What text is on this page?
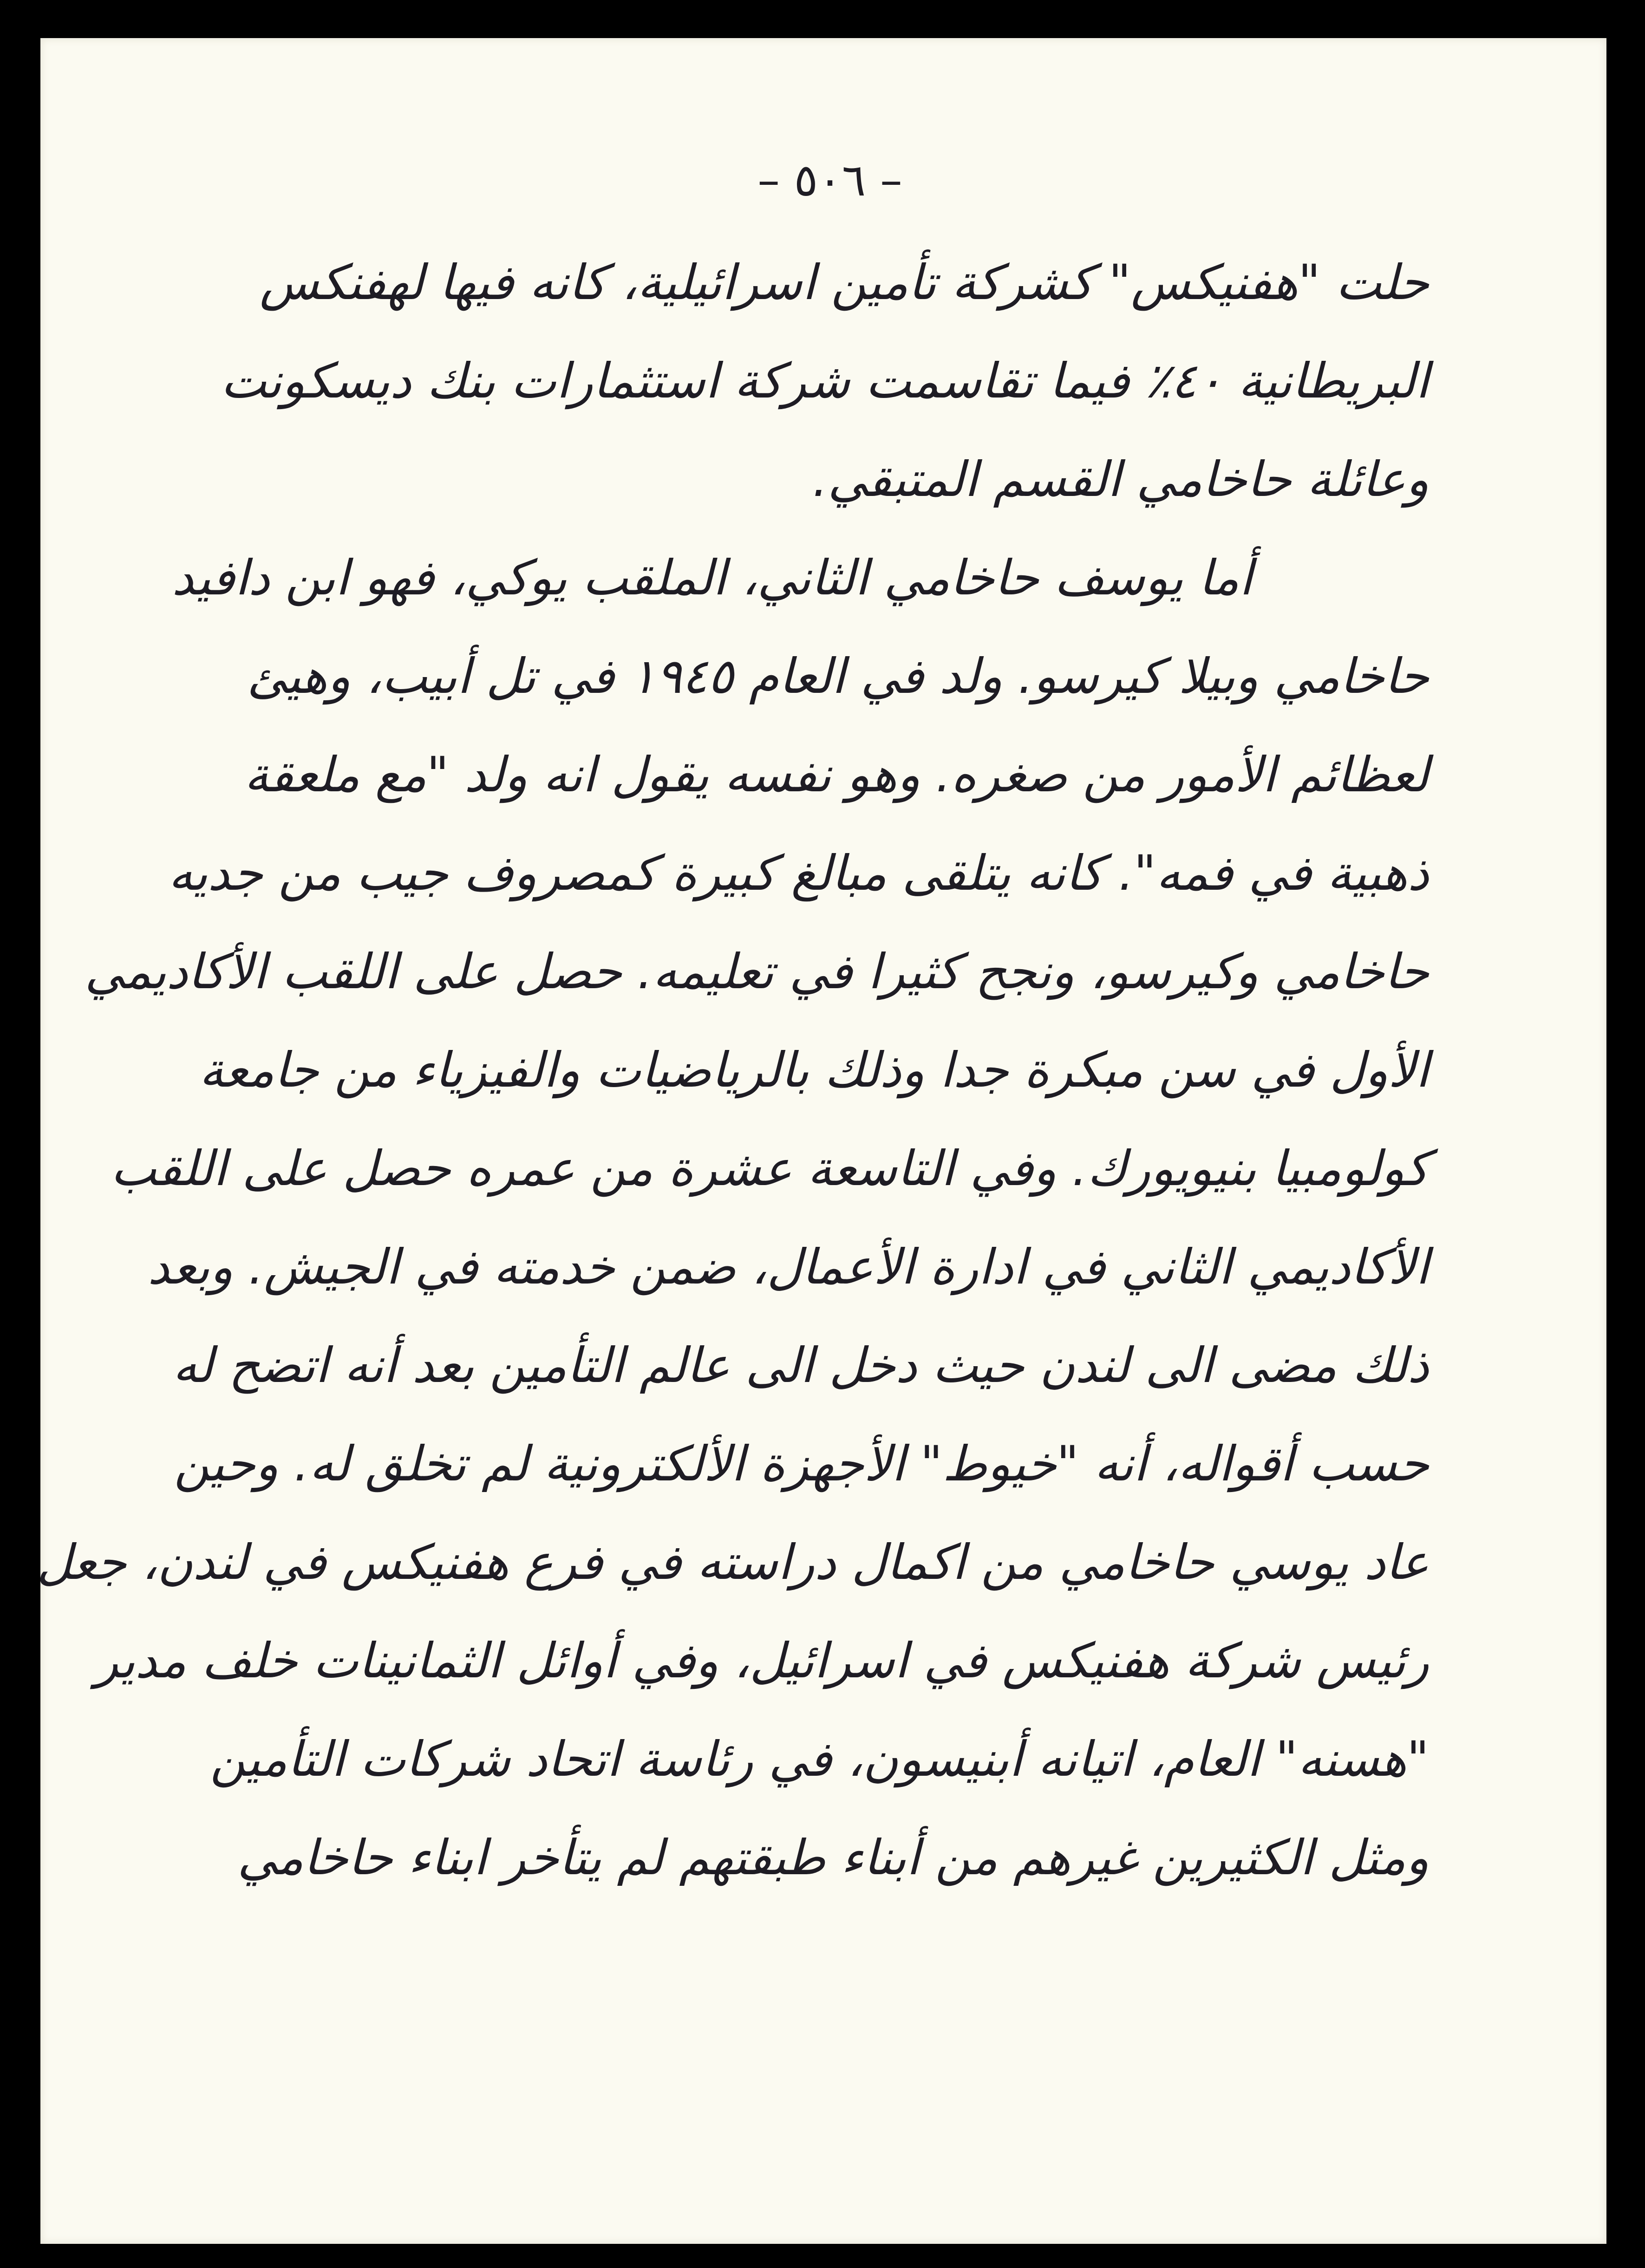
– ٥٠٦ –
حلت "هفنيكس" كشركة تأمين اسرائيلية، كانه فيها لهفنكس
البريطانية ٤٠٪ فيما تقاسمت شركة استثمارات بنك ديسكونت
وعائلة حاخامي القسم المتبقي.
أما يوسف حاخامي الثاني، الملقب يوكي، فهو ابن دافيد
حاخامي وبيلا كيرسو. ولد في العام ١٩٤٥ في تل أبيب، وهيئ
لعظائم الأمور من صغره. وهو نفسه يقول انه ولد "مع ملعقة
ذهبية في فمه". كانه يتلقى مبالغ كبيرة كمصروف جيب من جديه
حاخامي وكيرسو، ونجح كثيرا في تعليمه. حصل على اللقب الأكاديمي
الأول في سن مبكرة جدا وذلك بالرياضيات والفيزياء من جامعة
كولومبيا بنيويورك. وفي التاسعة عشرة من عمره حصل على اللقب
الأكاديمي الثاني في ادارة الأعمال، ضمن خدمته في الجيش. وبعد
ذلك مضى الى لندن حيث دخل الى عالم التأمين بعد أنه اتضح له
حسب أقواله، أنه "خيوط" الأجهزة الألكترونية لم تخلق له. وحين
عاد يوسي حاخامي من اكمال دراسته في فرع هفنيكس في لندن، جعل
رئيس شركة هفنيكس في اسرائيل، وفي أوائل الثمانينات خلف مدير
"هسنه" العام، اتيانه أبنيسون، في رئاسة اتحاد شركات التأمين
ومثل الكثيرين غيرهم من أبناء طبقتهم لم يتأخر ابناء حاخامي
